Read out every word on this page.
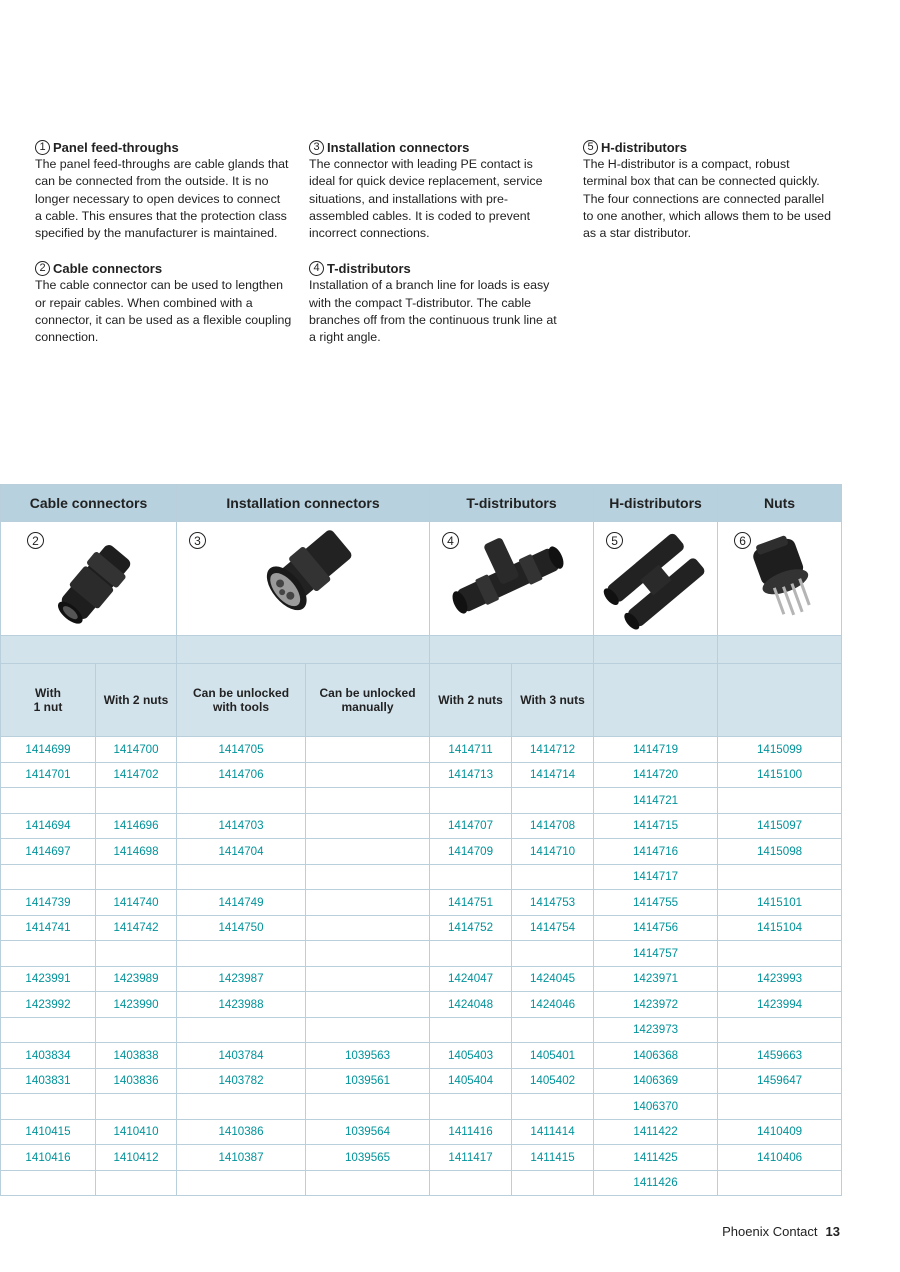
1 Panel feed-throughs

The panel feed-throughs are cable glands that
can be connected from the outside. It is no
longer necessary to open devices to connect
a cable. This ensures that the protection class
specified by the manufacturer is maintained.

2 Cable connectors

The cable connector can be used to lengthen
or repair cables. When combined with a
connector, it can be used as a flexible coupling
connection.

3 Installation connectors

The connector with leading PE contact is
ideal for quick device replacement, service
situations, and installations with pre-
assembled cables. It is coded to prevent
incorrect connections.

4 T-distributors

Installation of a branch line for loads is easy
with the compact T-distributor. The cable
branches off from the continuous trunk line at
a right angle.

5 H-distributors

The H-distributor is a compact, robust
terminal box that can be connected quickly.
The four connections are connected parallel
to one another, which allows them to be used
as a star distributor.

Cable connectors		Installation connectors		T-distributors		H-distributors	Nuts

2		3		4		5	6

With
1 nut	With 2 nuts	Can be unlocked
with tools	Can be unlocked
manually	With 2 nuts	With 3 nuts		
1414699	1414700	1414705		1414711	1414712	1414719	1415099
1414701	1414702	1414706		1414713	1414714	1414720	1415100
						1414721	
1414694	1414696	1414703		1414707	1414708	1414715	1415097
1414697	1414698	1414704		1414709	1414710	1414716	1415098
						1414717	
1414739	1414740	1414749		1414751	1414753	1414755	1415101
1414741	1414742	1414750		1414752	1414754	1414756	1415104
						1414757	
1423991	1423989	1423987		1424047	1424045	1423971	1423993
1423992	1423990	1423988		1424048	1424046	1423972	1423994
						1423973	
1403834	1403838	1403784	1039563	1405403	1405401	1406368	1459663
1403831	1403836	1403782	1039561	1405404	1405402	1406369	1459647
						1406370	
1410415	1410410	1410386	1039564	1411416	1411414	1411422	1410409
1410416	1410412	1410387	1039565	1411417	1411415	1411425	1410406
						1411426	
Phoenix Contact 13
